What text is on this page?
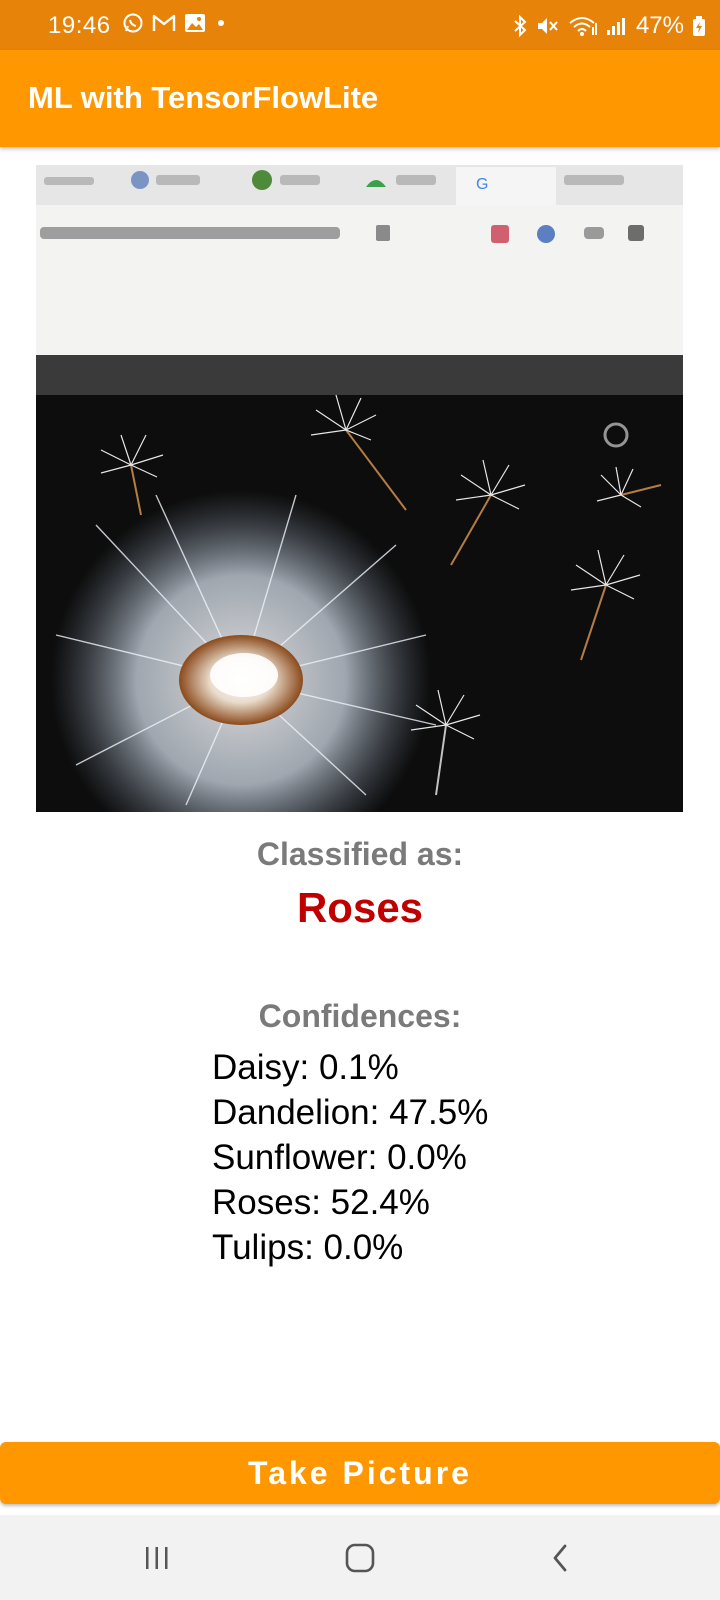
19:46	47%
ML with TensorFlowLite
G
Classified as:
Roses
Confidences:
Daisy: 0.1%
Dandelion: 47.5%
Sunflower: 0.0%
Roses: 52.4%
Tulips: 0.0%
Take Picture
